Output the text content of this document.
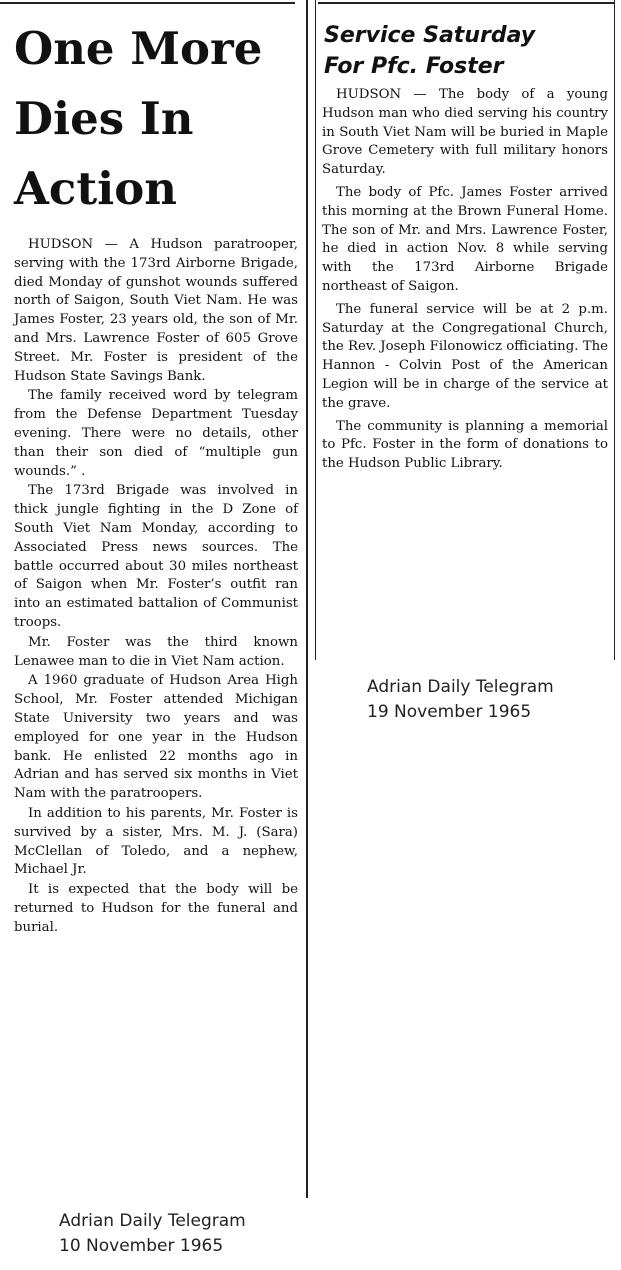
One More Dies In Action

HUDSON — A Hudson paratrooper, serving with the 173rd Airborne Brigade, died Monday of gunshot wounds suffered north of Saigon, South Viet Nam. He was James Foster, 23 years old, the son of Mr. and Mrs. Lawrence Foster of 605 Grove Street. Mr. Foster is president of the Hudson State Savings Bank.

The family received word by telegram from the Defense Department Tuesday evening. There were no details, other than their son died of “multiple gun wounds.” .

The 173rd Brigade was involved in thick jungle fighting in the D Zone of South Viet Nam Monday, according to Associated Press news sources. The battle occurred about 30 miles northeast of Saigon when Mr. Foster’s outfit ran into an estimated battalion of Communist troops.

Mr. Foster was the third known Lenawee man to die in Viet Nam action.

A 1960 graduate of Hudson Area High School, Mr. Foster attended Michigan State University two years and was employed for one year in the Hudson bank. He enlisted 22 months ago in Adrian and has served six months in Viet Nam with the paratroopers.

In addition to his parents, Mr. Foster is survived by a sister, Mrs. M. J. (Sara) McClellan of Toledo, and a nephew, Michael Jr.

It is expected that the body will be returned to Hudson for the funeral and burial.

Service Saturday
For Pfc. Foster

HUDSON — The body of a young Hudson man who died serving his country in South Viet Nam will be buried in Maple Grove Cemetery with full military honors Saturday.

The body of Pfc. James Foster arrived this morning at the Brown Funeral Home. The son of Mr. and Mrs. Lawrence Foster, he died in action Nov. 8 while serving with the 173rd Airborne Brigade northeast of Saigon.

The funeral service will be at 2 p.m. Saturday at the Congregational Church, the Rev. Joseph Filonowicz officiating. The Hannon - Colvin Post of the American Legion will be in charge of the service at the grave.

The community is planning a memorial to Pfc. Foster in the form of donations to the Hudson Public Library.

Adrian Daily Telegram
19 November 1965
Adrian Daily Telegram
10 November 1965
